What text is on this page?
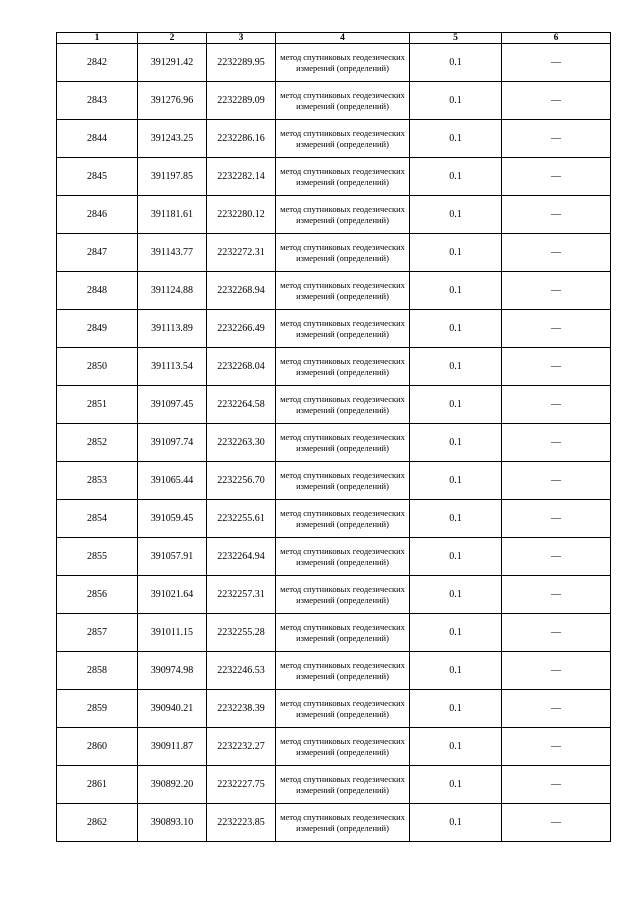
1	2	3	4	5	6
2842	391291.42	2232289.95	метод спутниковых геодезических измерений (определений)	0.1	—
2843	391276.96	2232289.09	метод спутниковых геодезических измерений (определений)	0.1	—
2844	391243.25	2232286.16	метод спутниковых геодезических измерений (определений)	0.1	—
2845	391197.85	2232282.14	метод спутниковых геодезических измерений (определений)	0.1	—
2846	391181.61	2232280.12	метод спутниковых геодезических измерений (определений)	0.1	—
2847	391143.77	2232272.31	метод спутниковых геодезических измерений (определений)	0.1	—
2848	391124.88	2232268.94	метод спутниковых геодезических измерений (определений)	0.1	—
2849	391113.89	2232266.49	метод спутниковых геодезических измерений (определений)	0.1	—
2850	391113.54	2232268.04	метод спутниковых геодезических измерений (определений)	0.1	—
2851	391097.45	2232264.58	метод спутниковых геодезических измерений (определений)	0.1	—
2852	391097.74	2232263.30	метод спутниковых геодезических измерений (определений)	0.1	—
2853	391065.44	2232256.70	метод спутниковых геодезических измерений (определений)	0.1	—
2854	391059.45	2232255.61	метод спутниковых геодезических измерений (определений)	0.1	—
2855	391057.91	2232264.94	метод спутниковых геодезических измерений (определений)	0.1	—
2856	391021.64	2232257.31	метод спутниковых геодезических измерений (определений)	0.1	—
2857	391011.15	2232255.28	метод спутниковых геодезических измерений (определений)	0.1	—
2858	390974.98	2232246.53	метод спутниковых геодезических измерений (определений)	0.1	—
2859	390940.21	2232238.39	метод спутниковых геодезических измерений (определений)	0.1	—
2860	390911.87	2232232.27	метод спутниковых геодезических измерений (определений)	0.1	—
2861	390892.20	2232227.75	метод спутниковых геодезических измерений (определений)	0.1	—
2862	390893.10	2232223.85	метод спутниковых геодезических измерений (определений)	0.1	—
